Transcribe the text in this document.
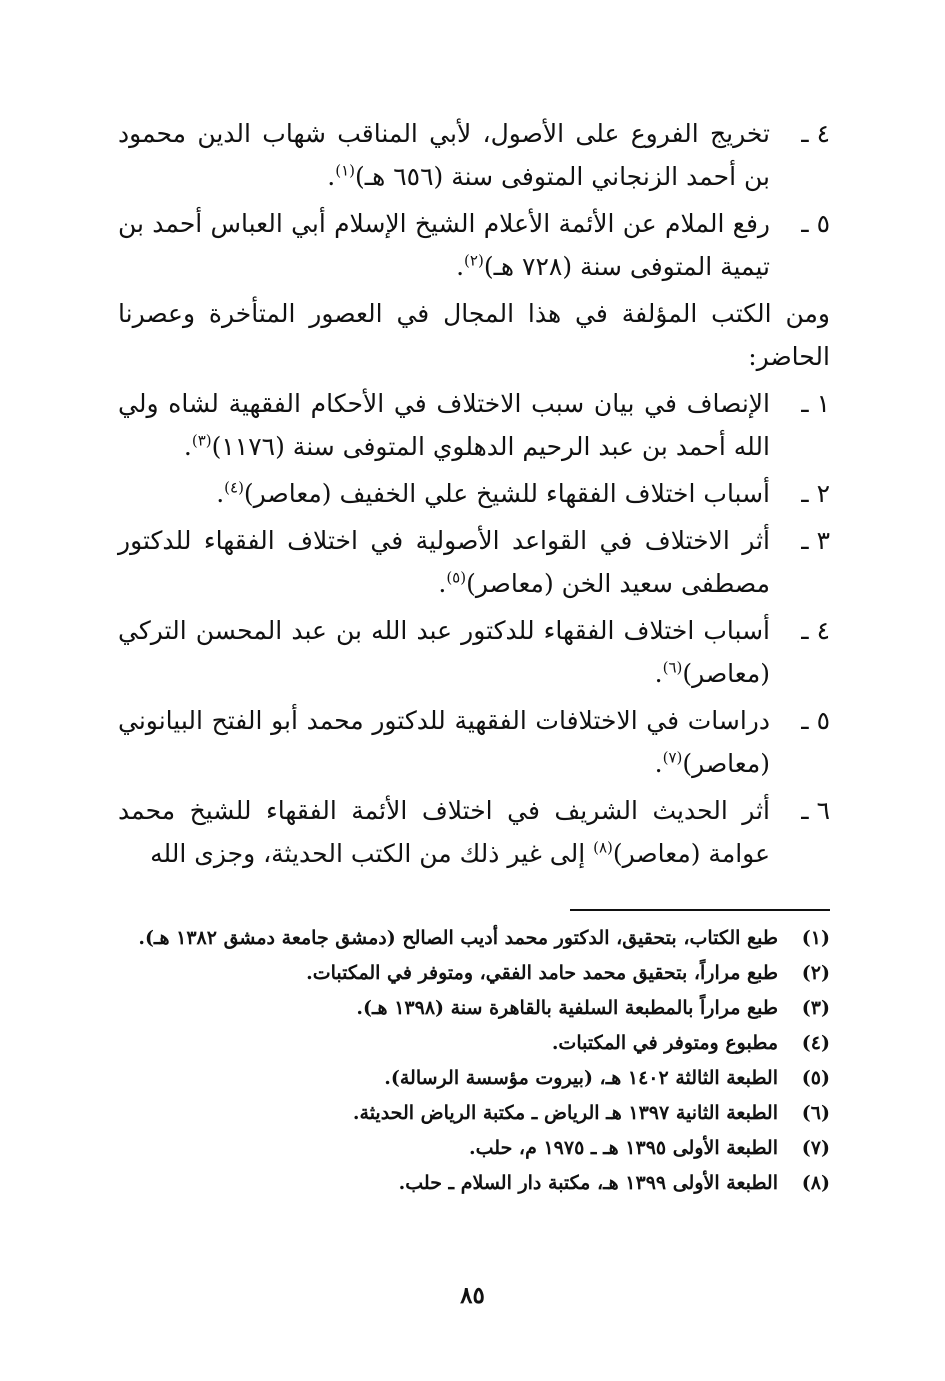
٤ ـ
تخريج الفروع على الأصول، لأبي المناقب شهاب الدين محمود بن أحمد الزنجاني المتوفى سنة (٦٥٦ هـ)$^{(١)}$.
٥ ـ
رفع الملام عن الأئمة الأعلام الشيخ الإسلام أبي العباس أحمد بن تيمية المتوفى سنة (٧٢٨ هـ)$^{(٢)}$.
ومن الكتب المؤلفة في هذا المجال في العصور المتأخرة وعصرنا الحاضر:
١ ـ
الإنصاف في بيان سبب الاختلاف في الأحكام الفقهية لشاه ولي الله أحمد بن عبد الرحيم الدهلوي المتوفى سنة (١١٧٦)$^{(٣)}$.
٢ ـ
أسباب اختلاف الفقهاء للشيخ علي الخفيف (معاصر)$^{(٤)}$.
٣ ـ
أثر الاختلاف في القواعد الأصولية في اختلاف الفقهاء للدكتور مصطفى سعيد الخن (معاصر)$^{(٥)}$.
٤ ـ
أسباب اختلاف الفقهاء للدكتور عبد الله بن عبد المحسن التركي (معاصر)$^{(٦)}$.
٥ ـ
دراسات في الاختلافات الفقهية للدكتور محمد أبو الفتح البيانوني (معاصر)$^{(٧)}$.
٦ ـ
أثر الحديث الشريف في اختلاف الأئمة الفقهاء للشيخ محمد عوامة (معاصر)$^{(٨)}$ إلى غير ذلك من الكتب الحديثة، وجزى الله
(١)
طبع الكتاب، بتحقيق، الدكتور محمد أديب الصالح (دمشق جامعة دمشق ١٣٨٢ هـ).
(٢)
طبع مراراً، بتحقيق محمد حامد الفقي، ومتوفر في المكتبات.
(٣)
طبع مراراً بالمطبعة السلفية بالقاهرة سنة (١٣٩٨ هـ).
(٤)
مطبوع ومتوفر في المكتبات.
(٥)
الطبعة الثالثة ١٤٠٢ هـ، (بيروت مؤسسة الرسالة).
(٦)
الطبعة الثانية ١٣٩٧ هـ الرياض ـ مكتبة الرياض الحديثة.
(٧)
الطبعة الأولى ١٣٩٥ هـ ـ ١٩٧٥ م، حلب.
(٨)
الطبعة الأولى ١٣٩٩ هـ، مكتبة دار السلام ـ حلب.
٨٥
